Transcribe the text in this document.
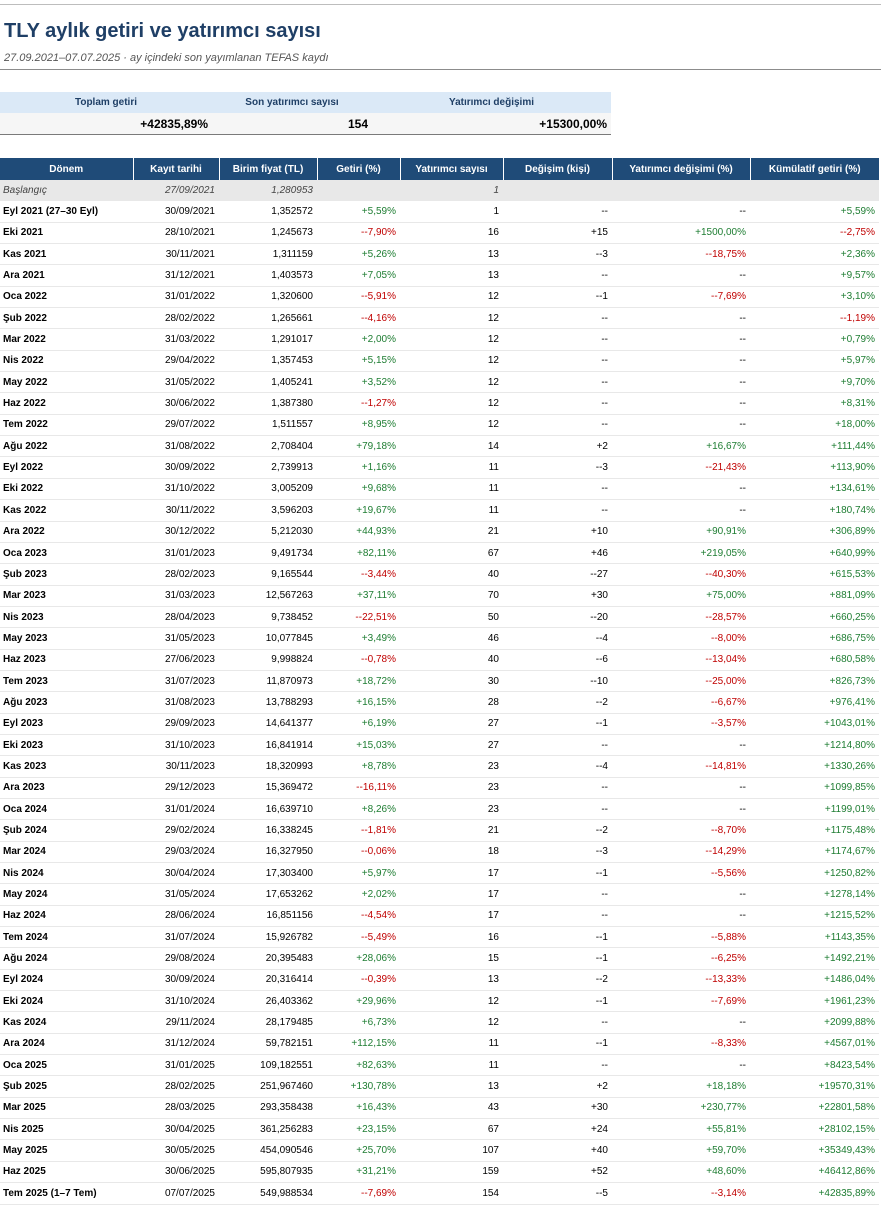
TLY aylık getiri ve yatırımcı sayısı
27.09.2021–07.07.2025 · ay içindeki son yayımlanan TEFAS kaydı
Toplam getiri	Son yatırımcı sayısı	Yatırımcı değişimi
+42835,89%	154	+15300,00%
Dönem	Kayıt tarihi	Birim fiyat (TL)	Getiri (%)	Yatırımcı sayısı	Değişim (kişi)	Yatırımcı değişimi (%)	Kümülatif getiri (%)
Başlangıç	27/09/2021	1,280953		1			
Eyl 2021 (27–30 Eyl)	30/09/2021	1,352572	+5,59%	1	--	--	+5,59%
Eki 2021	28/10/2021	1,245673	--7,90%	16	+15	+1500,00%	--2,75%
Kas 2021	30/11/2021	1,311159	+5,26%	13	--3	--18,75%	+2,36%
Ara 2021	31/12/2021	1,403573	+7,05%	13	--	--	+9,57%
Oca 2022	31/01/2022	1,320600	--5,91%	12	--1	--7,69%	+3,10%
Şub 2022	28/02/2022	1,265661	--4,16%	12	--	--	--1,19%
Mar 2022	31/03/2022	1,291017	+2,00%	12	--	--	+0,79%
Nis 2022	29/04/2022	1,357453	+5,15%	12	--	--	+5,97%
May 2022	31/05/2022	1,405241	+3,52%	12	--	--	+9,70%
Haz 2022	30/06/2022	1,387380	--1,27%	12	--	--	+8,31%
Tem 2022	29/07/2022	1,511557	+8,95%	12	--	--	+18,00%
Ağu 2022	31/08/2022	2,708404	+79,18%	14	+2	+16,67%	+111,44%
Eyl 2022	30/09/2022	2,739913	+1,16%	11	--3	--21,43%	+113,90%
Eki 2022	31/10/2022	3,005209	+9,68%	11	--	--	+134,61%
Kas 2022	30/11/2022	3,596203	+19,67%	11	--	--	+180,74%
Ara 2022	30/12/2022	5,212030	+44,93%	21	+10	+90,91%	+306,89%
Oca 2023	31/01/2023	9,491734	+82,11%	67	+46	+219,05%	+640,99%
Şub 2023	28/02/2023	9,165544	--3,44%	40	--27	--40,30%	+615,53%
Mar 2023	31/03/2023	12,567263	+37,11%	70	+30	+75,00%	+881,09%
Nis 2023	28/04/2023	9,738452	--22,51%	50	--20	--28,57%	+660,25%
May 2023	31/05/2023	10,077845	+3,49%	46	--4	--8,00%	+686,75%
Haz 2023	27/06/2023	9,998824	--0,78%	40	--6	--13,04%	+680,58%
Tem 2023	31/07/2023	11,870973	+18,72%	30	--10	--25,00%	+826,73%
Ağu 2023	31/08/2023	13,788293	+16,15%	28	--2	--6,67%	+976,41%
Eyl 2023	29/09/2023	14,641377	+6,19%	27	--1	--3,57%	+1043,01%
Eki 2023	31/10/2023	16,841914	+15,03%	27	--	--	+1214,80%
Kas 2023	30/11/2023	18,320993	+8,78%	23	--4	--14,81%	+1330,26%
Ara 2023	29/12/2023	15,369472	--16,11%	23	--	--	+1099,85%
Oca 2024	31/01/2024	16,639710	+8,26%	23	--	--	+1199,01%
Şub 2024	29/02/2024	16,338245	--1,81%	21	--2	--8,70%	+1175,48%
Mar 2024	29/03/2024	16,327950	--0,06%	18	--3	--14,29%	+1174,67%
Nis 2024	30/04/2024	17,303400	+5,97%	17	--1	--5,56%	+1250,82%
May 2024	31/05/2024	17,653262	+2,02%	17	--	--	+1278,14%
Haz 2024	28/06/2024	16,851156	--4,54%	17	--	--	+1215,52%
Tem 2024	31/07/2024	15,926782	--5,49%	16	--1	--5,88%	+1143,35%
Ağu 2024	29/08/2024	20,395483	+28,06%	15	--1	--6,25%	+1492,21%
Eyl 2024	30/09/2024	20,316414	--0,39%	13	--2	--13,33%	+1486,04%
Eki 2024	31/10/2024	26,403362	+29,96%	12	--1	--7,69%	+1961,23%
Kas 2024	29/11/2024	28,179485	+6,73%	12	--	--	+2099,88%
Ara 2024	31/12/2024	59,782151	+112,15%	11	--1	--8,33%	+4567,01%
Oca 2025	31/01/2025	109,182551	+82,63%	11	--	--	+8423,54%
Şub 2025	28/02/2025	251,967460	+130,78%	13	+2	+18,18%	+19570,31%
Mar 2025	28/03/2025	293,358438	+16,43%	43	+30	+230,77%	+22801,58%
Nis 2025	30/04/2025	361,256283	+23,15%	67	+24	+55,81%	+28102,15%
May 2025	30/05/2025	454,090546	+25,70%	107	+40	+59,70%	+35349,43%
Haz 2025	30/06/2025	595,807935	+31,21%	159	+52	+48,60%	+46412,86%
Tem 2025 (1–7 Tem)	07/07/2025	549,988534	--7,69%	154	--5	--3,14%	+42835,89%
